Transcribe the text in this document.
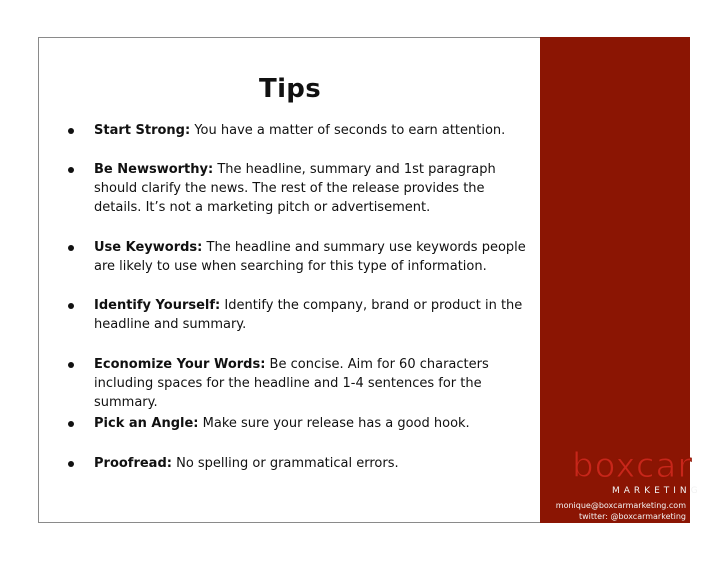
Tips
Start Strong: You have a matter of seconds to earn attention.
Be Newsworthy: The headline, summary and 1st paragraph should clarify the news. The rest of the release provides the details. It’s not a marketing pitch or advertisement.
Use Keywords: The headline and summary use keywords people are likely to use when searching for this type of information.
Identify Yourself: Identify the company, brand or product in the headline and summary.
Economize Your Words: Be concise. Aim for 60 characters including spaces for the headline and 1-4 sentences for the summary.
Pick an Angle: Make sure your release has a good hook.
Proofread: No spelling or grammatical errors.	boxcar
MARKETING
monique@boxcarmarketing.com
twitter: @boxcarmarketing
